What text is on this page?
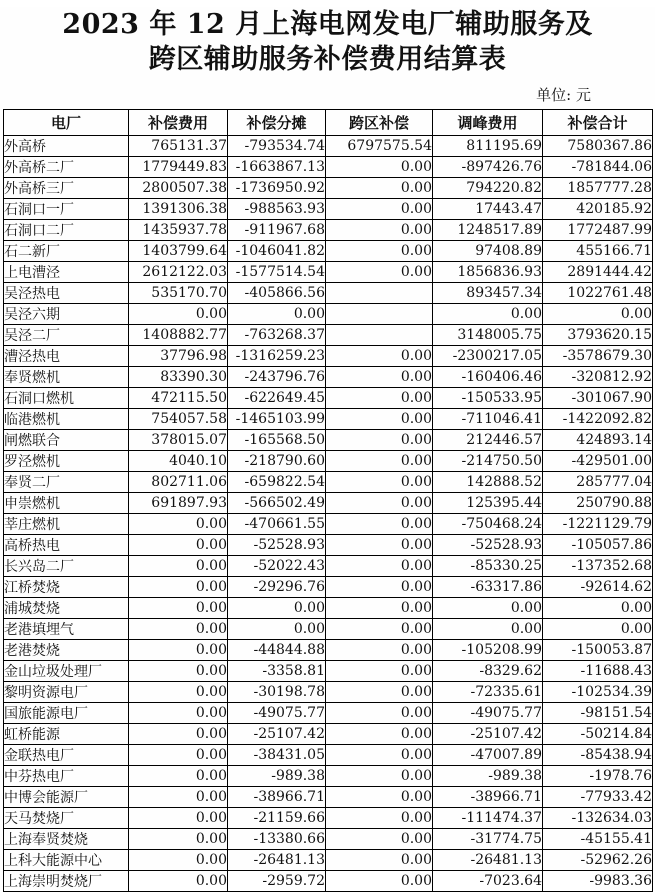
2023 年 12 月上海电网发电厂辅助服务及
跨区辅助服务补偿费用结算表
单位: 元
电厂	补偿费用	补偿分摊	跨区补偿	调峰费用	补偿合计
外高桥	765131.37	-793534.74	6797575.54	811195.69	7580367.86
外高桥二厂	1779449.83	-1663867.13	0.00	-897426.76	-781844.06
外高桥三厂	2800507.38	-1736950.92	0.00	794220.82	1857777.28
石洞口一厂	1391306.38	-988563.93	0.00	17443.47	420185.92
石洞口二厂	1435937.78	-911967.68	0.00	1248517.89	1772487.99
石二新厂	1403799.64	-1046041.82	0.00	97408.89	455166.71
上电漕泾	2612122.03	-1577514.54	0.00	1856836.93	2891444.42
吴泾热电	535170.70	-405866.56		893457.34	1022761.48
吴泾六期	0.00	0.00		0.00	0.00
吴泾二厂	1408882.77	-763268.37		3148005.75	3793620.15
漕泾热电	37796.98	-1316259.23	0.00	-2300217.05	-3578679.30
奉贤燃机	83390.30	-243796.76	0.00	-160406.46	-320812.92
石洞口燃机	472115.50	-622649.45	0.00	-150533.95	-301067.90
临港燃机	754057.58	-1465103.99	0.00	-711046.41	-1422092.82
闸燃联合	378015.07	-165568.50	0.00	212446.57	424893.14
罗泾燃机	4040.10	-218790.60	0.00	-214750.50	-429501.00
奉贤二厂	802711.06	-659822.54	0.00	142888.52	285777.04
申崇燃机	691897.93	-566502.49	0.00	125395.44	250790.88
莘庄燃机	0.00	-470661.55	0.00	-750468.24	-1221129.79
高桥热电	0.00	-52528.93	0.00	-52528.93	-105057.86
长兴岛二厂	0.00	-52022.43	0.00	-85330.25	-137352.68
江桥焚烧	0.00	-29296.76	0.00	-63317.86	-92614.62
浦城焚烧	0.00	0.00	0.00	0.00	0.00
老港填埋气	0.00	0.00	0.00	0.00	0.00
老港焚烧	0.00	-44844.88	0.00	-105208.99	-150053.87
金山垃圾处理厂	0.00	-3358.81	0.00	-8329.62	-11688.43
黎明资源电厂	0.00	-30198.78	0.00	-72335.61	-102534.39
国旅能源电厂	0.00	-49075.77	0.00	-49075.77	-98151.54
虹桥能源	0.00	-25107.42	0.00	-25107.42	-50214.84
金联热电厂	0.00	-38431.05	0.00	-47007.89	-85438.94
中芬热电厂	0.00	-989.38	0.00	-989.38	-1978.76
中博会能源厂	0.00	-38966.71	0.00	-38966.71	-77933.42
天马焚烧厂	0.00	-21159.66	0.00	-111474.37	-132634.03
上海奉贤焚烧	0.00	-13380.66	0.00	-31774.75	-45155.41
上科大能源中心	0.00	-26481.13	0.00	-26481.13	-52962.26
上海崇明焚烧厂	0.00	-2959.72	0.00	-7023.64	-9983.36
